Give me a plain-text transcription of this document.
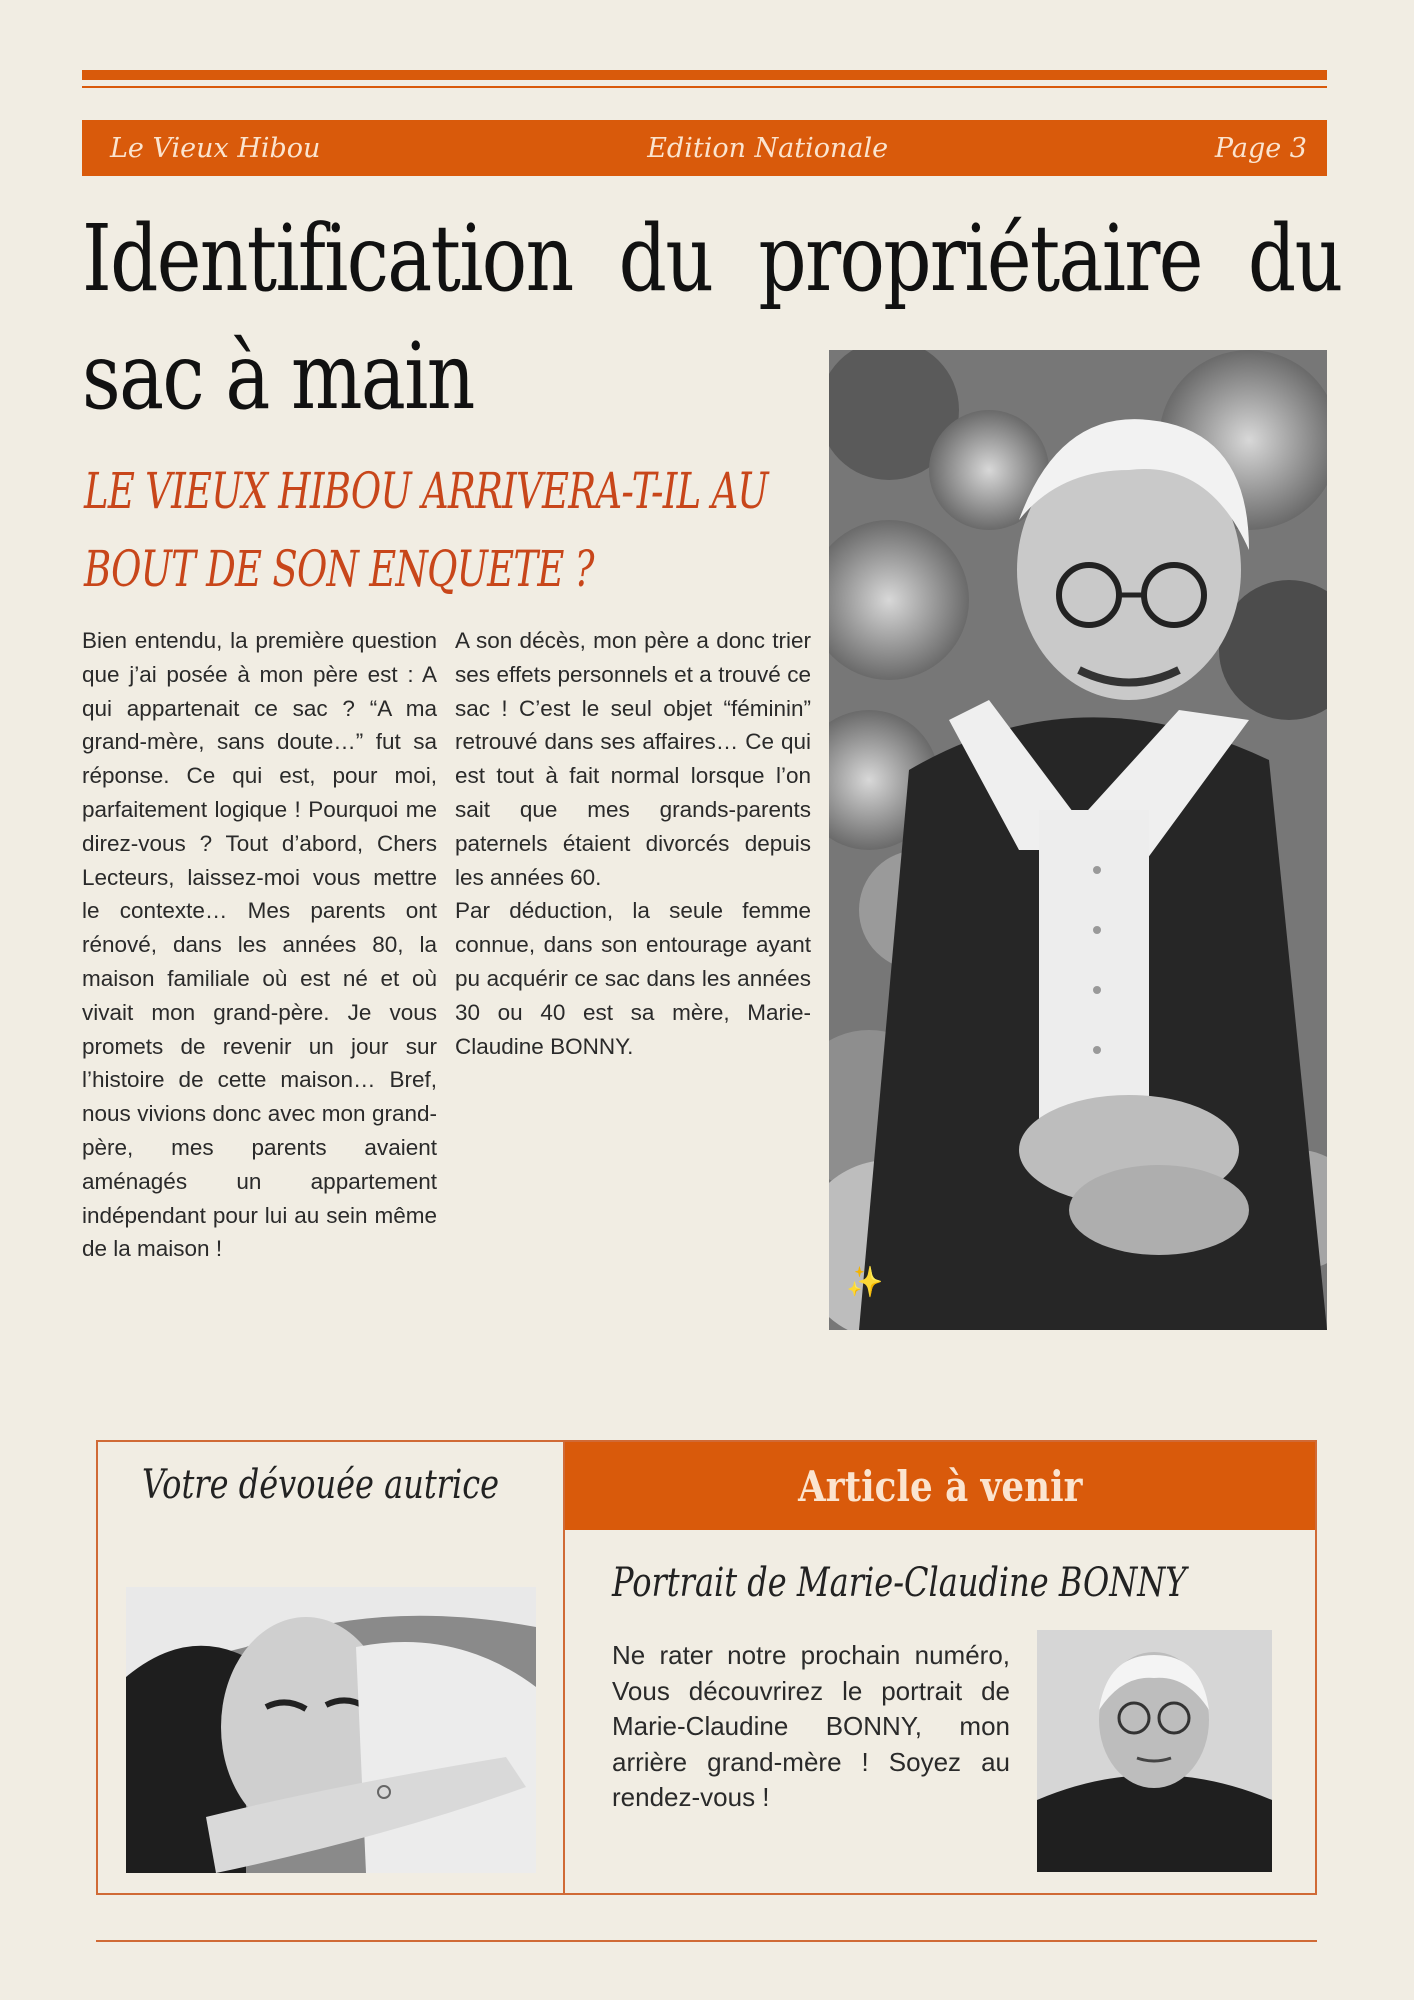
Le Vieux Hibou	Edition Nationale	Page 3
Identification du propriétaire du
sac à main
LE VIEUX HIBOU ARRIVERA-T-IL AU BOUT DE SON ENQUETE ?

Bien entendu, la première question que j’ai posée à mon père est : A qui appartenait ce sac ? “A ma grand-mère, sans doute…” fut sa réponse. Ce qui est, pour moi, parfaitement logique ! Pourquoi me direz-vous ? Tout d’abord, Chers Lecteurs, laissez-moi vous mettre le contexte… Mes parents ont rénové, dans les années 80, la maison familiale où est né et où vivait mon grand-père. Je vous promets de revenir un jour sur l’histoire de cette maison… Bref, nous vivions donc avec mon grand-père, mes parents avaient aménagés un appartement indépendant pour lui au sein même de la maison !

A son décès, mon père a donc trier ses effets personnels et a trouvé ce sac ! C’est le seul objet “féminin” retrouvé dans ses affaires… Ce qui est tout à fait normal lorsque l’on sait que mes grands-parents paternels étaient divorcés depuis les années 60.

Par déduction, la seule femme connue, dans son entourage ayant pu acquérir ce sac dans les années 30 ou 40 est sa mère, Marie-Claudine BONNY.

✨
Votre dévouée autrice	Article à venir
Portrait de Marie-Claudine BONNY

Ne rater notre prochain numéro, Vous découvrirez le portrait de Marie-Claudine BONNY, mon arrière grand-mère ! Soyez au rendez-vous !
